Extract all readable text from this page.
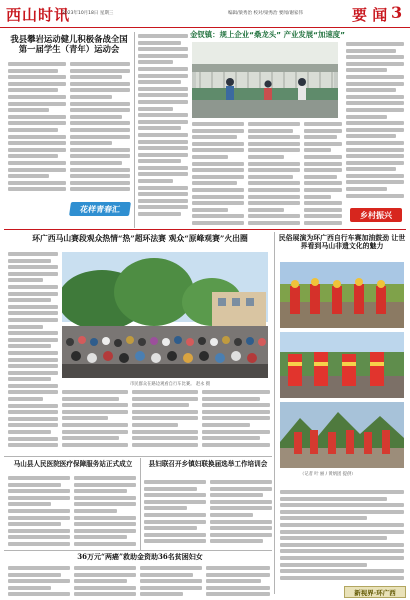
西山时讯
2023年10月18日 星期三	编辑/梁秀治 校对/梁秀治 要闻/谢家伟	要 闻 3
我县攀岩运动健儿积极备战全国第一届学生（青年）运动会
花样青春汇
金钗镇：规上企业“桑龙头” 产业发展“加速度”
乡村振兴
环广西马山赛段观众热情“热”超环法赛 观众“原峰观赛”火出圈
市民群众在路边观看自行车比赛。 赵永 摄
民俗展演为环广西自行车赛加油鼓劲 让世界看到马山非遗文化的魅力
（记者 叶 丽 / 黄炳团 提供）
新视界·环广西
马山县人民医院医疗保障服务站正式成立	县妇联召开乡镇妇联换届选举工作培训会
36万元“两癌”救助金资助36名贫困妇女
